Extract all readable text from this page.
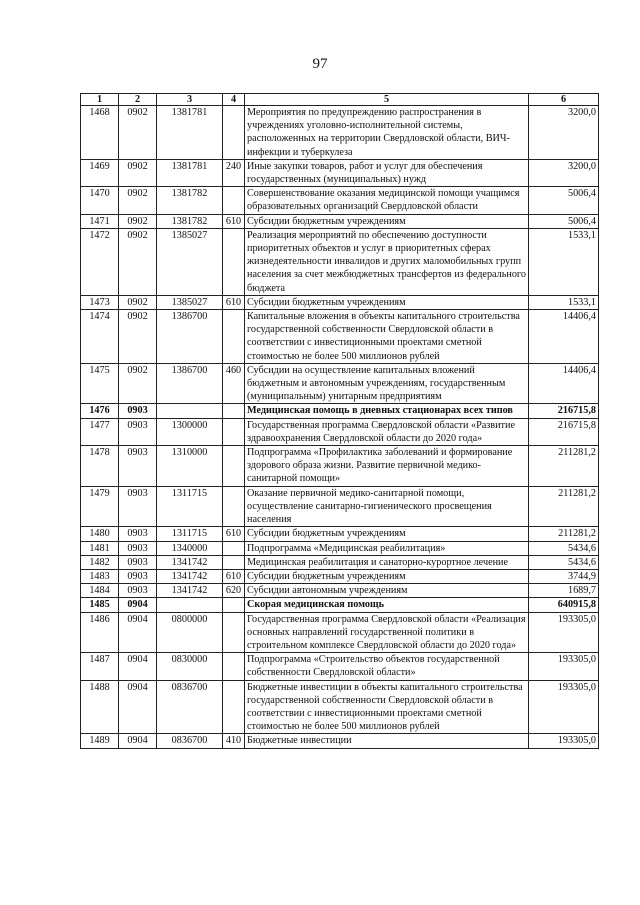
97
1	2	3	4	5	6
1468	0902	1381781		Мероприятия по предупреждению распространения в учреждениях уголовно-исполнительной системы, расположенных на территории Свердловской области, ВИЧ-инфекции и туберкулеза	3200,0
1469	0902	1381781	240	Иные закупки товаров, работ и услуг для обеспечения государственных (муниципальных) нужд	3200,0
1470	0902	1381782		Совершенствование оказания медицинской помощи учащимся образовательных организаций Свердловской области	5006,4
1471	0902	1381782	610	Субсидии бюджетным учреждениям	5006,4
1472	0902	1385027		Реализация мероприятий по обеспечению доступности приоритетных объектов и услуг в приоритетных сферах жизнедеятельности инвалидов и других маломобильных групп населения за счет межбюджетных трансфертов из федерального бюджета	1533,1
1473	0902	1385027	610	Субсидии бюджетным учреждениям	1533,1
1474	0902	1386700		Капитальные вложения в объекты капитального строительства государственной собственности Свердловской области в соответствии с инвестиционными проектами сметной стоимостью не более 500 миллионов рублей	14406,4
1475	0902	1386700	460	Субсидии на осуществление капитальных вложений бюджетным и автономным учреждениям, государственным (муниципальным) унитарным предприятиям	14406,4
1476	0903			Медицинская помощь в дневных стационарах всех типов	216715,8
1477	0903	1300000		Государственная программа Свердловской области «Развитие здравоохранения Свердловской области до 2020 года»	216715,8
1478	0903	1310000		Подпрограмма «Профилактика заболеваний и формирование здорового образа жизни. Развитие первичной медико-санитарной помощи»	211281,2
1479	0903	1311715		Оказание первичной медико-санитарной помощи, осуществление санитарно-гигиенического просвещения населения	211281,2
1480	0903	1311715	610	Субсидии бюджетным учреждениям	211281,2
1481	0903	1340000		Подпрограмма «Медицинская реабилитация»	5434,6
1482	0903	1341742		Медицинская реабилитация и санаторно-курортное лечение	5434,6
1483	0903	1341742	610	Субсидии бюджетным учреждениям	3744,9
1484	0903	1341742	620	Субсидии автономным учреждениям	1689,7
1485	0904			Скорая медицинская помощь	640915,8
1486	0904	0800000		Государственная программа Свердловской области «Реализация основных направлений государственной политики в строительном комплексе Свердловской области до 2020 года»	193305,0
1487	0904	0830000		Подпрограмма «Строительство объектов государственной собственности Свердловской области»	193305,0
1488	0904	0836700		Бюджетные инвестиции в объекты капитального строительства государственной собственности Свердловской области в соответствии с инвестиционными проектами сметной стоимостью не более 500 миллионов рублей	193305,0
1489	0904	0836700	410	Бюджетные инвестиции	193305,0
